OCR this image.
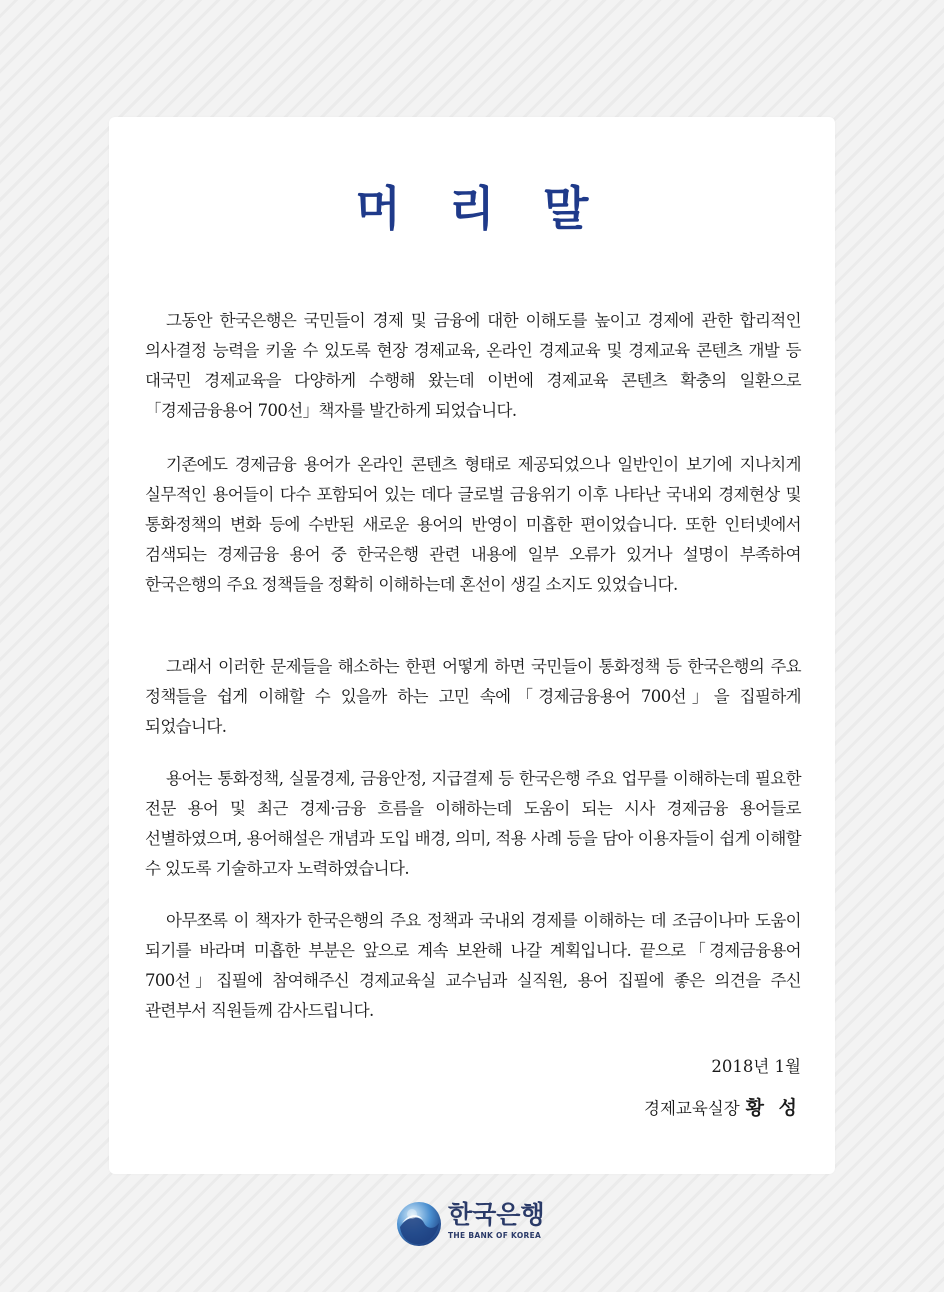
머 리 말

그동안 한국은행은 국민들이 경제 및 금융에 대한 이해도를 높이고 경제에 관한 합리적인 의사결정 능력을 키울 수 있도록 현장 경제교육, 온라인 경제교육 및 경제교육 콘텐츠 개발 등 대국민 경제교육을 다양하게 수행해 왔는데 이번에 경제교육 콘텐츠 확충의 일환으로「경제금융용어 700선」책자를 발간하게 되었습니다.

기존에도 경제금융 용어가 온라인 콘텐츠 형태로 제공되었으나 일반인이 보기에 지나치게 실무적인 용어들이 다수 포함되어 있는 데다 글로벌 금융위기 이후 나타난 국내외 경제현상 및 통화정책의 변화 등에 수반된 새로운 용어의 반영이 미흡한 편이었습니다. 또한 인터넷에서 검색되는 경제금융 용어 중 한국은행 관련 내용에 일부 오류가 있거나 설명이 부족하여 한국은행의 주요 정책들을 정확히 이해하는데 혼선이 생길 소지도 있었습니다.

그래서 이러한 문제들을 해소하는 한편 어떻게 하면 국민들이 통화정책 등 한국은행의 주요 정책들을 쉽게 이해할 수 있을까 하는 고민 속에「경제금융용어 700선」을 집필하게 되었습니다.

용어는 통화정책, 실물경제, 금융안정, 지급결제 등 한국은행 주요 업무를 이해하는데 필요한 전문 용어 및 최근 경제·금융 흐름을 이해하는데 도움이 되는 시사 경제금융 용어들로 선별하였으며, 용어해설은 개념과 도입 배경, 의미, 적용 사례 등을 담아 이용자들이 쉽게 이해할 수 있도록 기술하고자 노력하였습니다.

아무쪼록 이 책자가 한국은행의 주요 정책과 국내외 경제를 이해하는 데 조금이나마 도움이 되기를 바라며 미흡한 부분은 앞으로 계속 보완해 나갈 계획입니다. 끝으로「경제금융용어 700선」집필에 참여해주신 경제교육실 교수님과 실직원, 용어 집필에 좋은 의견을 주신 관련부서 직원들께 감사드립니다.

2018년 1월
경제교육실장 황 성
한국은행
THE BANK OF KOREA
